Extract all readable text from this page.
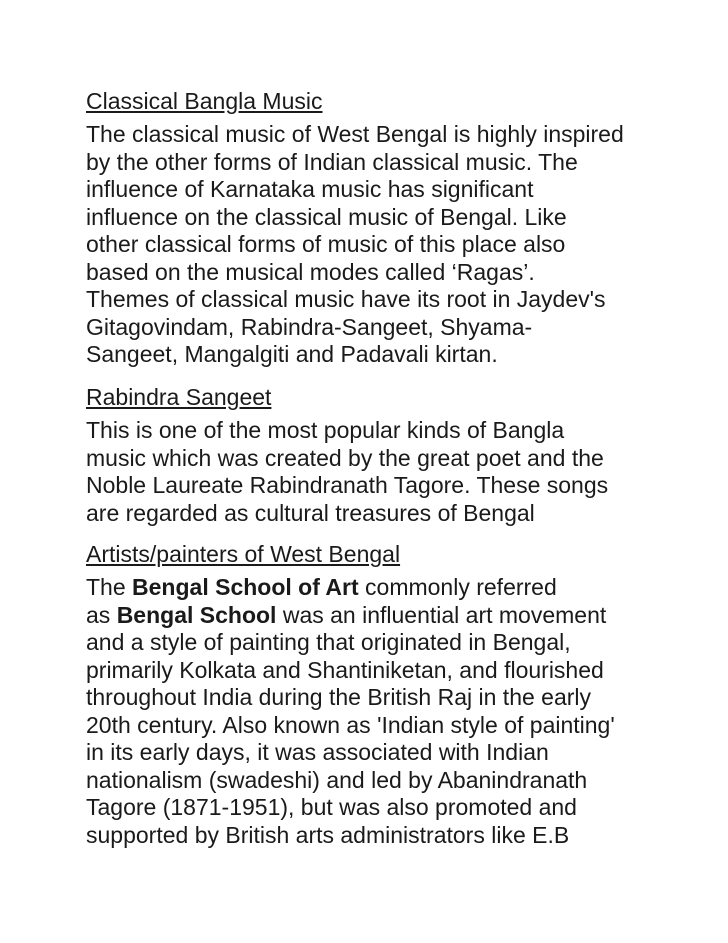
Classical Bangla Music

The classical music of West Bengal is highly inspired

by the other forms of Indian classical music. The

influence of Karnataka music has significant

influence on the classical music of Bengal. Like

other classical forms of music of this place also

based on the musical modes called ‘Ragas’.

Themes of classical music have its root in Jaydev's

Gitagovindam, Rabindra-Sangeet, Shyama-

Sangeet, Mangalgiti and Padavali kirtan.

Rabindra Sangeet

This is one of the most popular kinds of Bangla

music which was created by the great poet and the

Noble Laureate Rabindranath Tagore. These songs

are regarded as cultural treasures of Bengal

Artists/painters of West Bengal

The Bengal School of Art commonly referred

as Bengal School was an influential art movement

and a style of painting that originated in Bengal,

primarily Kolkata and Shantiniketan, and flourished

throughout India during the British Raj in the early

20th century. Also known as 'Indian style of painting'

in its early days, it was associated with Indian

nationalism (swadeshi) and led by Abanindranath

Tagore (1871-1951), but was also promoted and

supported by British arts administrators like E.B
